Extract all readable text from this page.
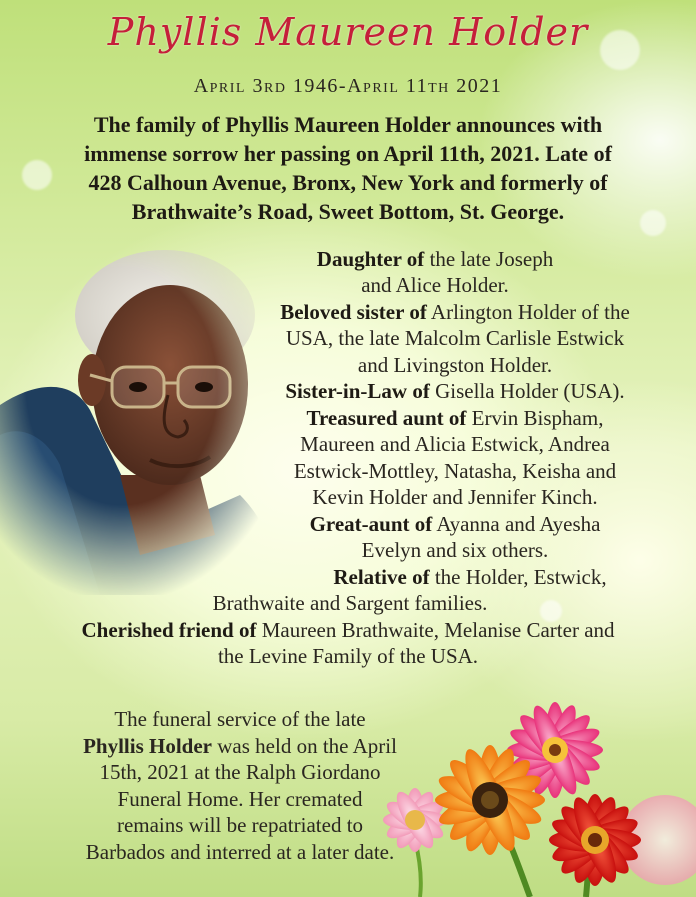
Phyllis Maureen Holder
April 3rd 1946-April 11th 2021
The family of Phyllis Maureen Holder announces with
immense sorrow her passing on April 11th, 2021. Late of
428 Calhoun Avenue, Bronx, New York and formerly of
Brathwaite’s Road, Sweet Bottom, St. George.
Daughter of the late Joseph
and Alice Holder.
Beloved sister of Arlington Holder of the
USA, the late Malcolm Carlisle Estwick
and Livingston Holder.
Sister-in-Law of Gisella Holder (USA).
Treasured aunt of Ervin Bispham,
Maureen and Alicia Estwick, Andrea
Estwick-Mottley, Natasha, Keisha and
Kevin Holder and Jennifer Kinch.
Great-aunt of Ayanna and Ayesha
Evelyn and six others.
Relative of the Holder, Estwick,
Brathwaite and Sargent families.
Cherished friend of Maureen Brathwaite, Melanise Carter and
the Levine Family of the USA.
The funeral service of the late
Phyllis Holder was held on the April
15th, 2021 at the Ralph Giordano
Funeral Home. Her cremated
remains will be repatriated to
Barbados and interred at a later date.
